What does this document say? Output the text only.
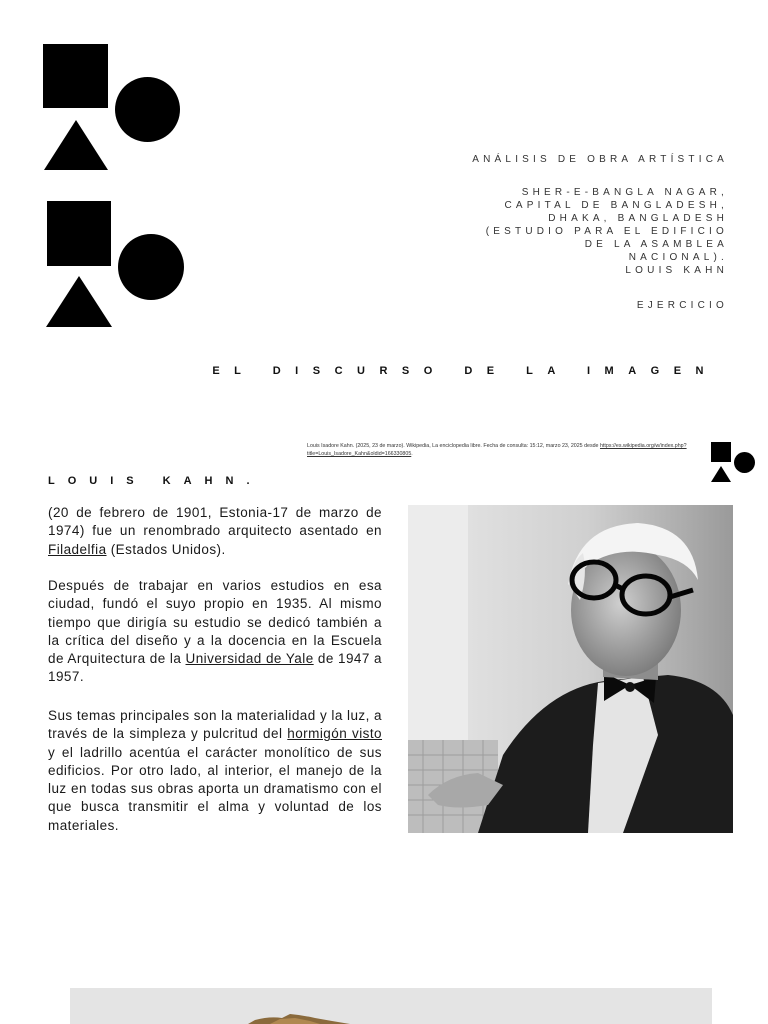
ANÁLISIS DE OBRA ARTÍSTICA
SHER-E-BANGLA NAGAR,
CAPITAL DE BANGLADESH,
DHAKA, BANGLADESH
(ESTUDIO PARA EL EDIFICIO
DE LA ASAMBLEA
NACIONAL).
LOUIS KAHN
EJERCICIO
EL DISCURSO DE LA IMAGEN
Louis Isadore Kahn. (2025, 23 de marzo). Wikipedia, La enciclopedia libre. Fecha de consulta: 15:12, marzo 23, 2025 desde https://es.wikipedia.org/w/index.php?title=Louis_Isadore_Kahn&oldid=166330805.
LOUIS KAHN.

(20 de febrero de 1901, Estonia-17 de marzo de 1974) fue un renombrado arquitecto asentado en Filadelfia (Estados Unidos).

Después de trabajar en varios estudios en esa ciudad, fundó el suyo propio en 1935. Al mismo tiempo que dirigía su estudio se dedicó también a la crítica del diseño y a la docencia en la Escuela de Arquitectura de la Universidad de Yale de 1947 a 1957.

Sus temas principales son la materialidad y la luz, a través de la simpleza y pulcritud del hormigón visto y el ladrillo acentúa el carácter monolítico de sus edificios. Por otro lado, al interior, el manejo de la luz en todas sus obras aporta un dramatismo con el que busca transmitir el alma y voluntad de los materiales.
